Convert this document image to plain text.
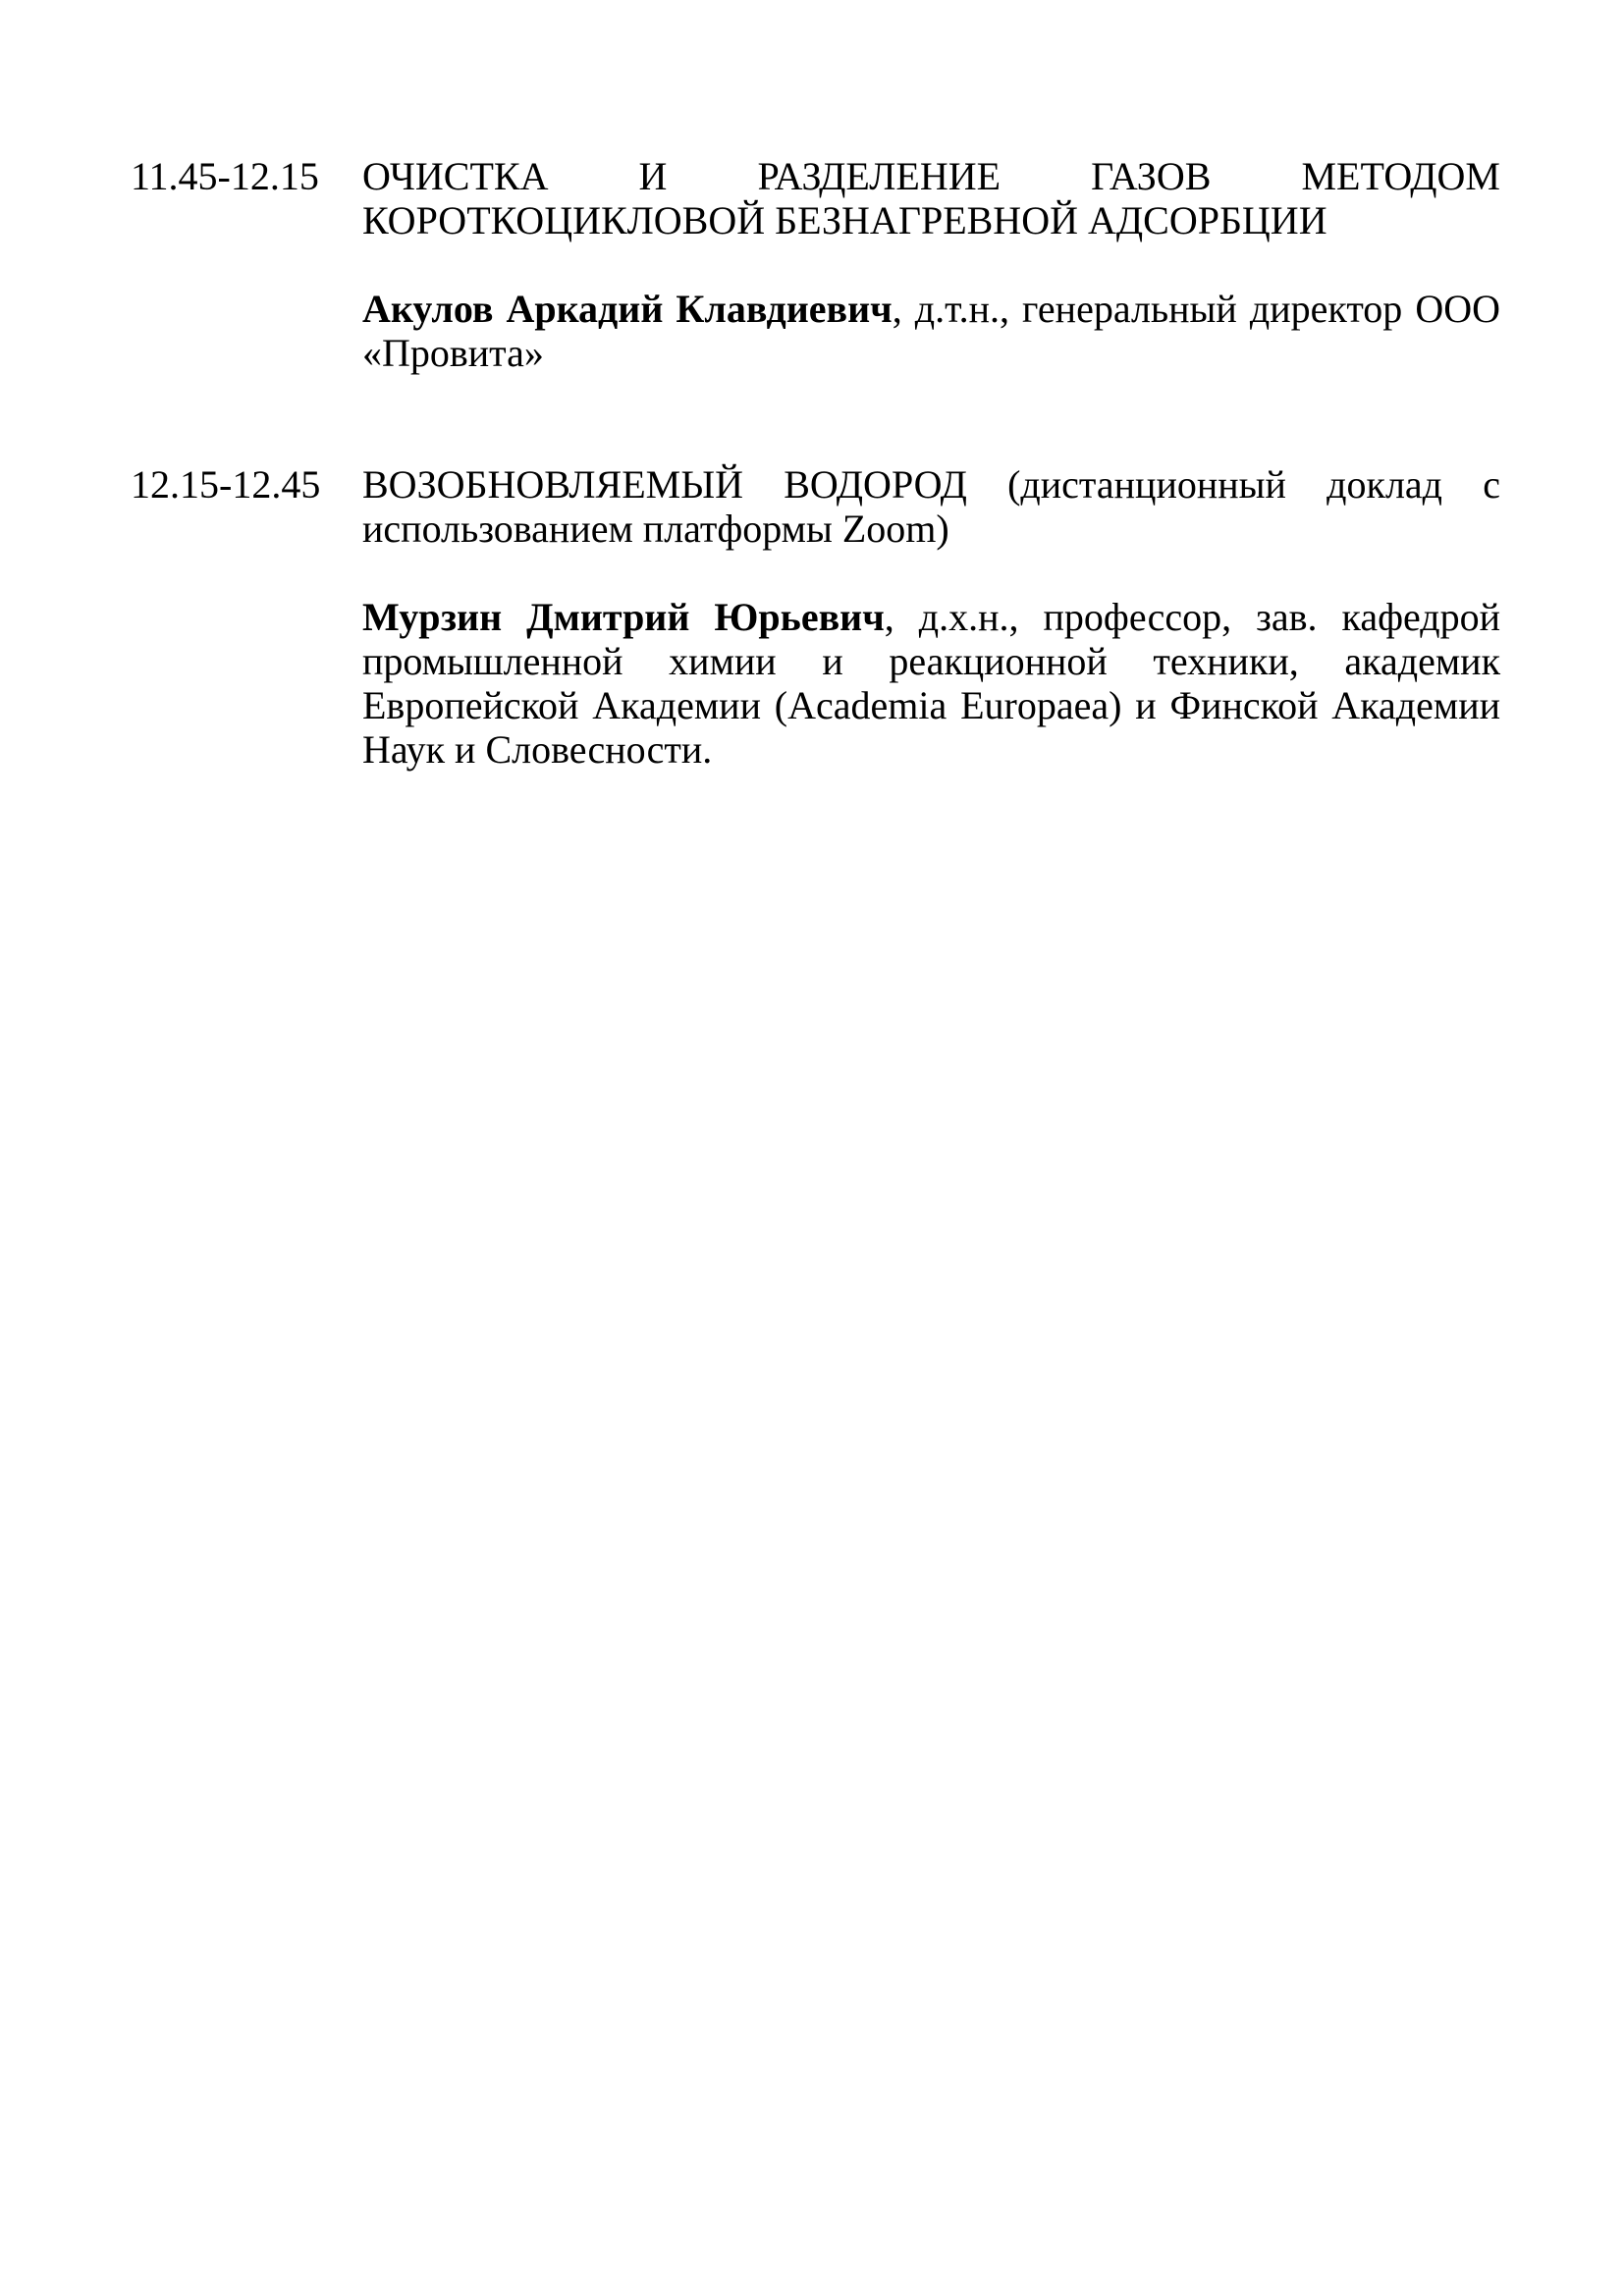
11.45-12.15 ОЧИСТКА И РАЗДЕЛЕНИЕ ГАЗОВ МЕТОДОМ КОРОТКОЦИКЛОВОЙ БЕЗНАГРЕВНОЙ АДСОРБЦИИ

Акулов Аркадий Клавдиевич, д.т.н., генеральный директор ООО «Провита»

12.15-12.45 ВОЗОБНОВЛЯЕМЫЙ ВОДОРОД (дистанционный доклад с использованием платформы Zoom)

Мурзин Дмитрий Юрьевич, д.х.н., профессор, зав. кафедрой промышленной химии и реакционной техники, академик Европейской Академии (Academia Europaea) и Финской Академии Наук и Словесности.
